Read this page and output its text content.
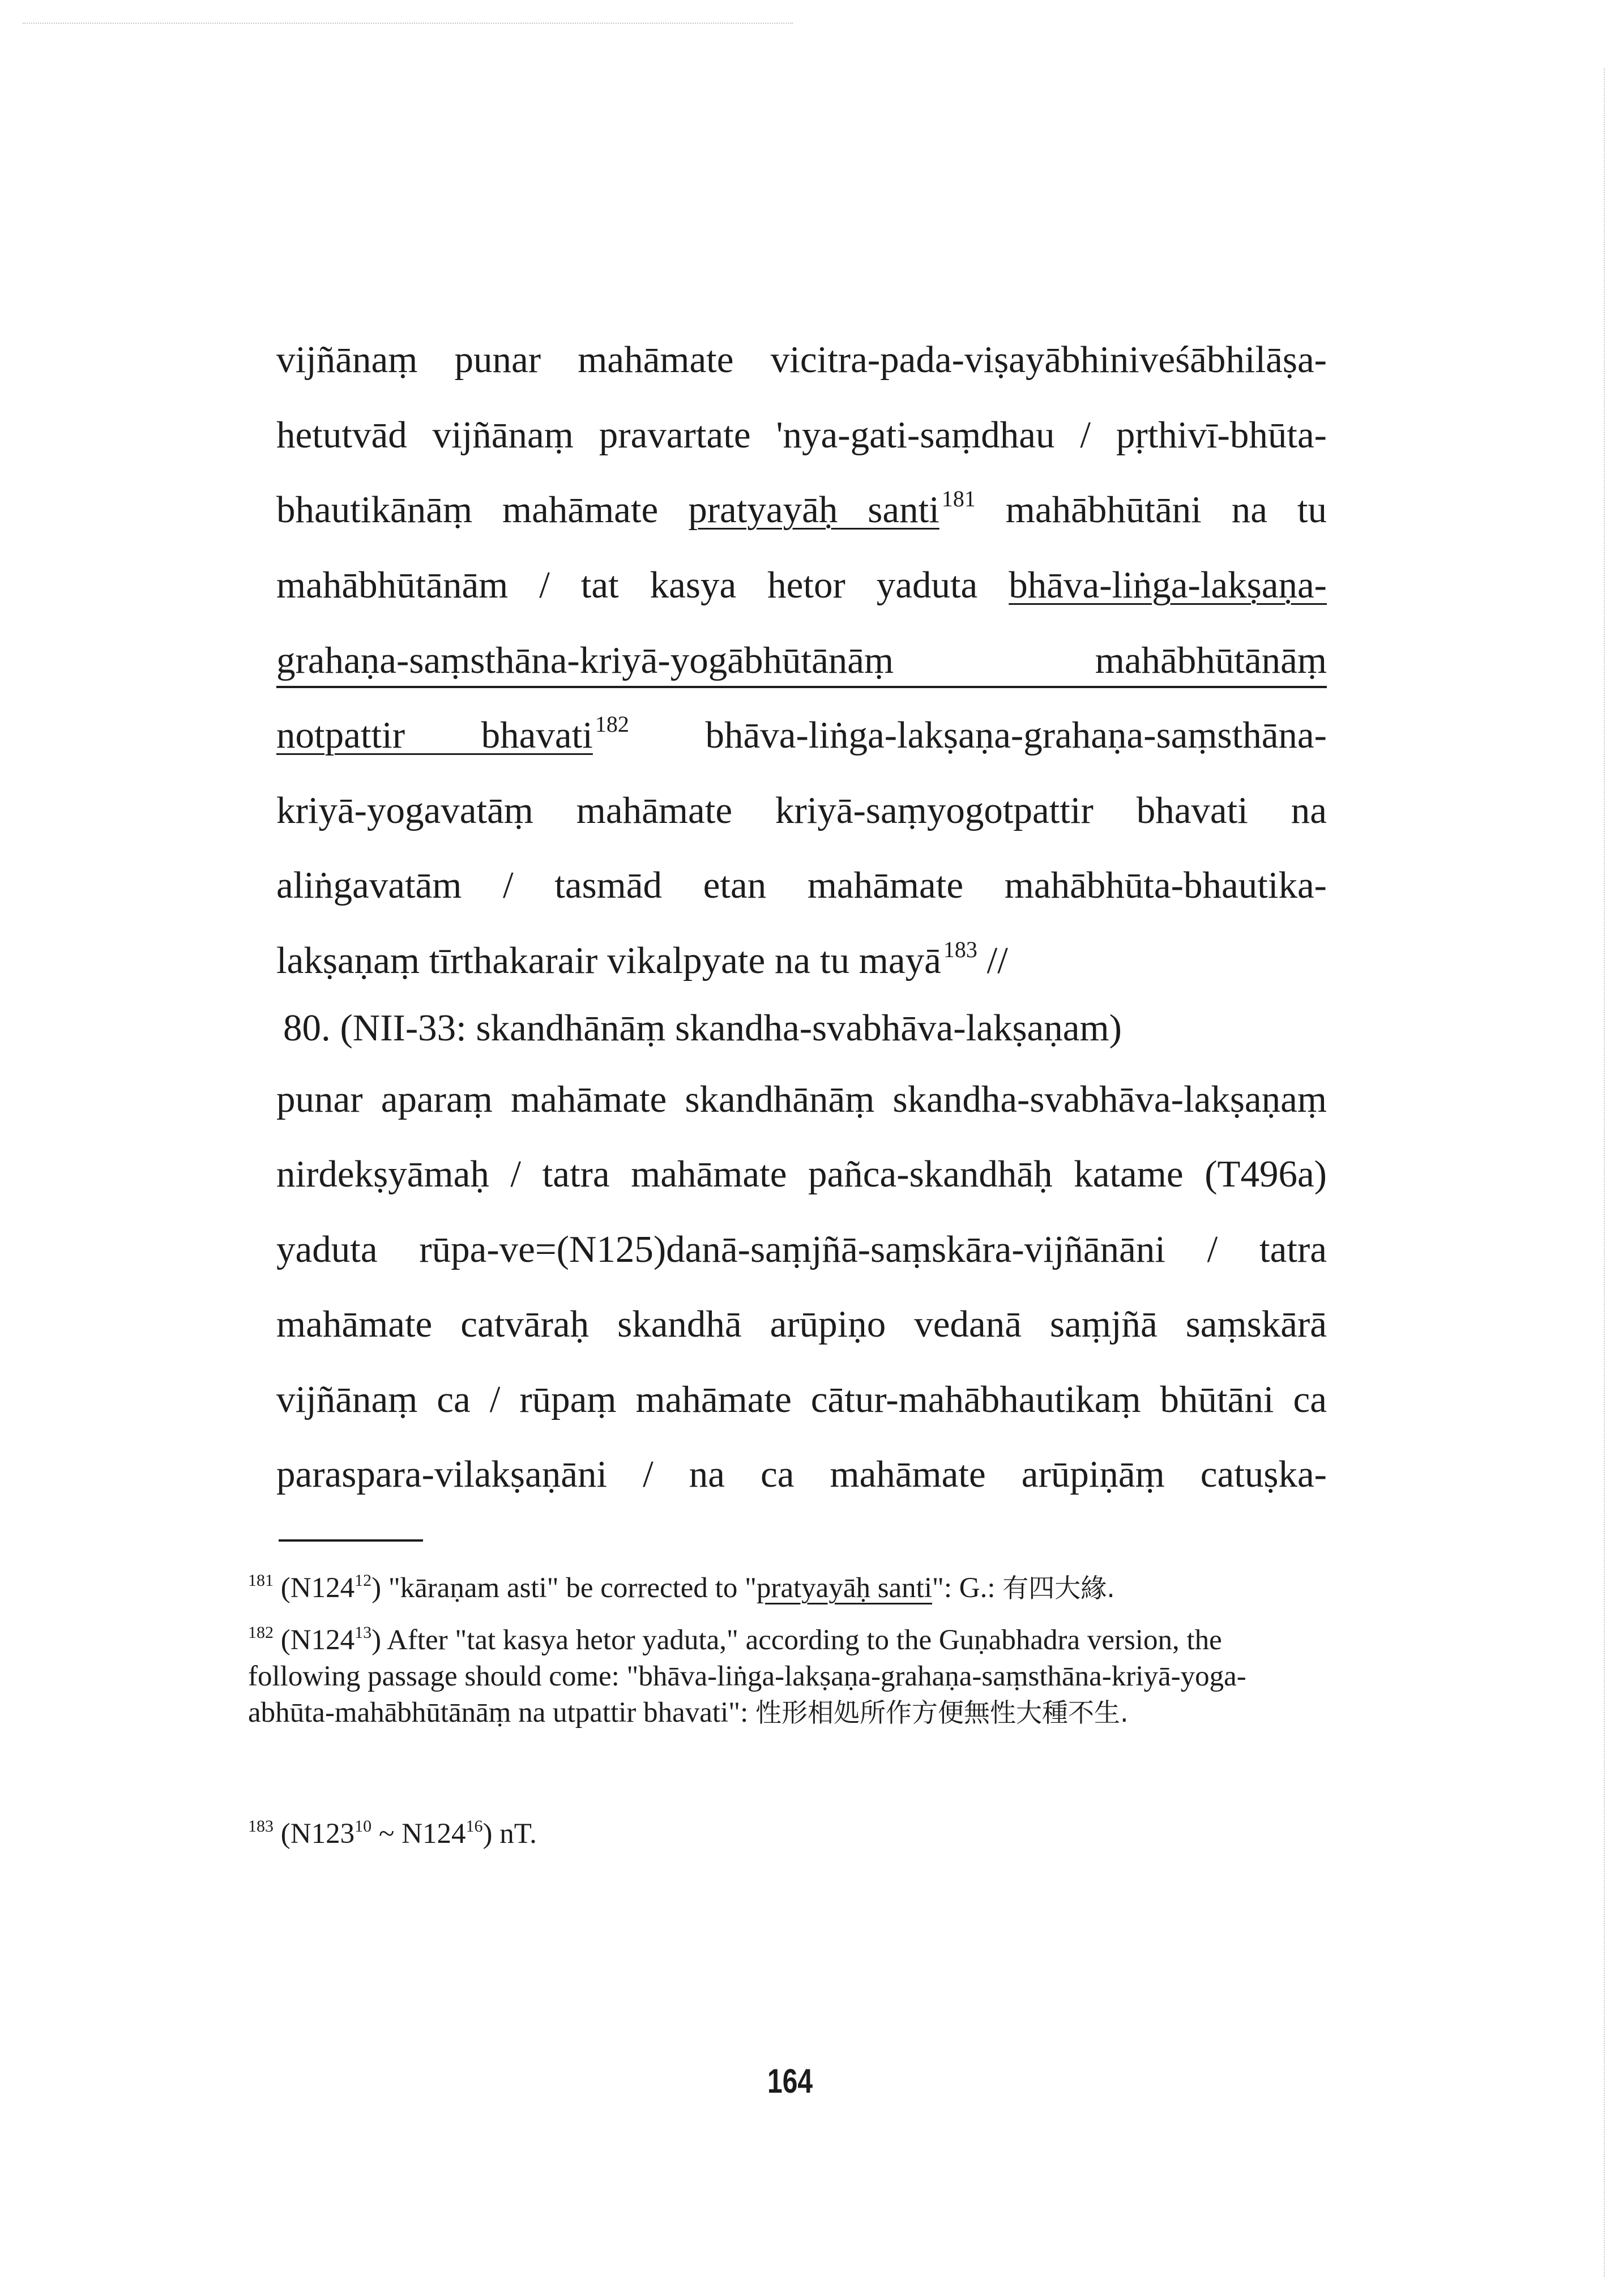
vijñānaṃ punar mahāmate vicitra-pada-viṣayābhiniveśābhilāṣa-
hetutvād vijñānaṃ pravartate 'nya-gati-saṃdhau / pṛthivī-bhūta-
bhautikānāṃ mahāmate pratyayāḥ santi $^{181}$ mahābhūtāni na tu
mahābhūtānām / tat kasya hetor yaduta bhāva-liṅga-lakṣaṇa-
grahaṇa-saṃsthāna-kriyā-yogābhūtānāṃ	mahābhūtānāṃ
notpattir bhavati $^{182}$ bhāva-liṅga-lakṣaṇa-grahaṇa-saṃsthāna-
kriyā-yogavatāṃ mahāmate kriyā-saṃyogotpattir bhavati na
aliṅgavatām / tasmād etan mahāmate mahābhūta-bhautika-
lakṣaṇaṃ tīrthakarair vikalpyate na tu mayā $^{183}$ //
80. (NII-33: skandhānāṃ skandha-svabhāva-lakṣaṇam)
punar aparaṃ mahāmate skandhānāṃ skandha-svabhāva-lakṣaṇaṃ
nirdekṣyāmaḥ / tatra mahāmate pañca-skandhāḥ katame (T496a)
yaduta rūpa-ve=(N125)danā-saṃjñā-saṃskāra-vijñānāni / tatra
mahāmate catvāraḥ skandhā arūpiṇo vedanā saṃjñā saṃskārā
vijñānaṃ ca / rūpaṃ mahāmate cātur-mahābhautikaṃ bhūtāni ca
paraspara-vilakṣaṇāni / na ca mahāmate arūpiṇāṃ catuṣka-
$^{181}$ $(N124^{12})$ "kāraṇam asti" be corrected to "pratyayāḥ santi": G.: 有四大緣.
$^{182}$ $(N124^{13})$ After "tat kasya hetor yaduta," according to the Guṇabhadra version, the following passage should come: "bhāva-liṅga-lakṣaṇa-grahaṇa-saṃsthāna-kriyā-yoga-abhūta-mahābhūtānāṃ na utpattir bhavati": 性形相処所作方便無性大種不生.
$^{183}$ ($N123^{10}$ ~ $N124^{16}$) nT.
164
